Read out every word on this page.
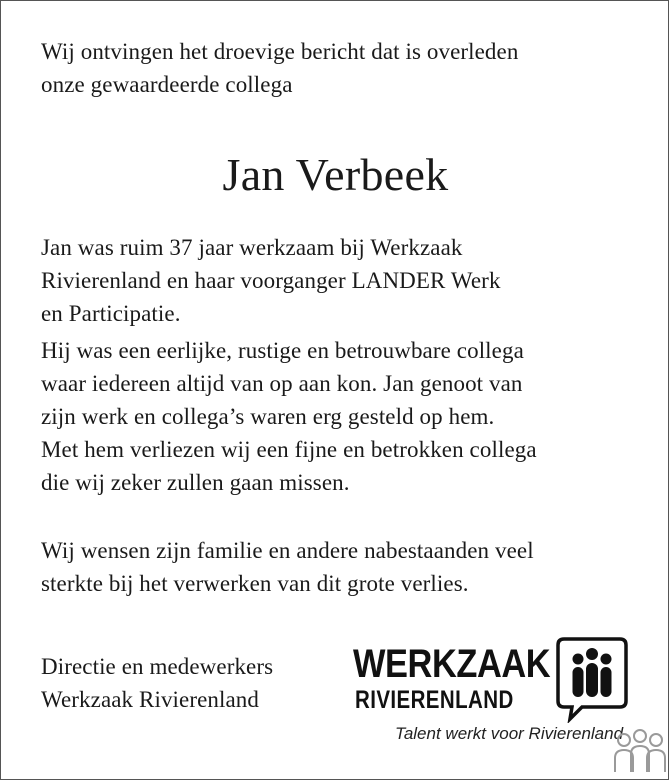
Wij ontvingen het droevige bericht dat is overleden
onze gewaardeerde collega
Jan Verbeek
Jan was ruim 37 jaar werkzaam bij Werkzaak
Rivierenland en haar voorganger LANDER Werk
en Participatie.
Hij was een eerlijke, rustige en betrouwbare collega
waar iedereen altijd van op aan kon. Jan genoot van
zijn werk en collega’s waren erg gesteld op hem.
Met hem verliezen wij een fijne en betrokken collega
die wij zeker zullen gaan missen.
Wij wensen zijn familie en andere nabestaanden veel
sterkte bij het verwerken van dit grote verlies.
Directie en medewerkers
Werkzaak Rivierenland
WERKZAAK
RIVIERENLAND
Talent werkt voor Rivierenland
